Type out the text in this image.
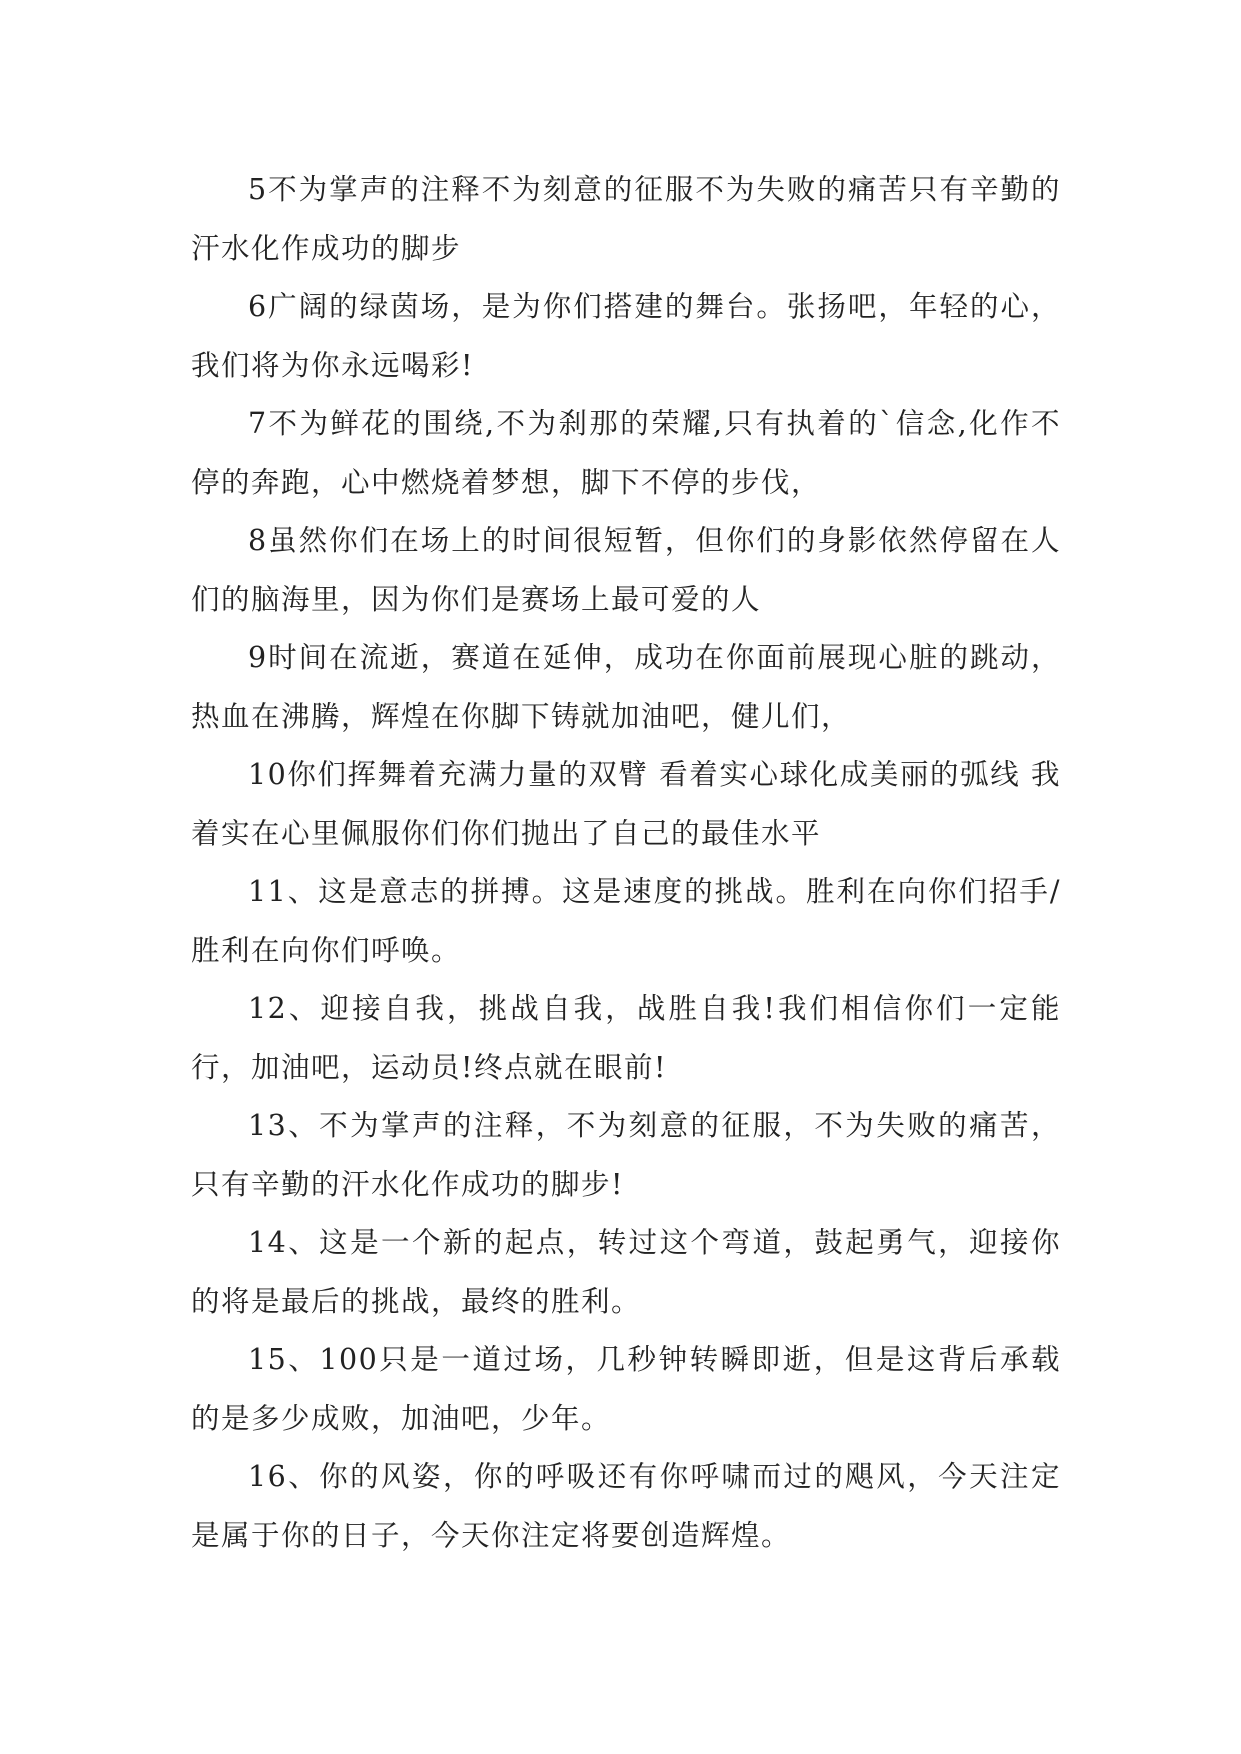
5不为掌声的注释不为刻意的征服不为失败的痛苦只有辛勤的汗水化作成功的脚步

6广阔的绿茵场，是为你们搭建的舞台。张扬吧，年轻的心，我们将为你永远喝彩!

7不为鲜花的围绕,不为刹那的荣耀,只有执着的`信念,化作不停的奔跑，心中燃烧着梦想，脚下不停的步伐，

8虽然你们在场上的时间很短暂，但你们的身影依然停留在人们的脑海里，因为你们是赛场上最可爱的人

9时间在流逝，赛道在延伸，成功在你面前展现心脏的跳动，热血在沸腾，辉煌在你脚下铸就加油吧，健儿们，

10你们挥舞着充满力量的双臂 看着实心球化成美丽的弧线 我着实在心里佩服你们你们抛出了自己的最佳水平

11、这是意志的拼搏。这是速度的挑战。胜利在向你们招手/胜利在向你们呼唤。

12、迎接自我，挑战自我，战胜自我!我们相信你们一定能行，加油吧，运动员!终点就在眼前!

13、不为掌声的注释，不为刻意的征服，不为失败的痛苦，只有辛勤的汗水化作成功的脚步!

14、这是一个新的起点，转过这个弯道，鼓起勇气，迎接你的将是最后的挑战，最终的胜利。

15、100只是一道过场，几秒钟转瞬即逝，但是这背后承载的是多少成败，加油吧，少年。

16、你的风姿，你的呼吸还有你呼啸而过的飓风，今天注定是属于你的日子，今天你注定将要创造辉煌。
